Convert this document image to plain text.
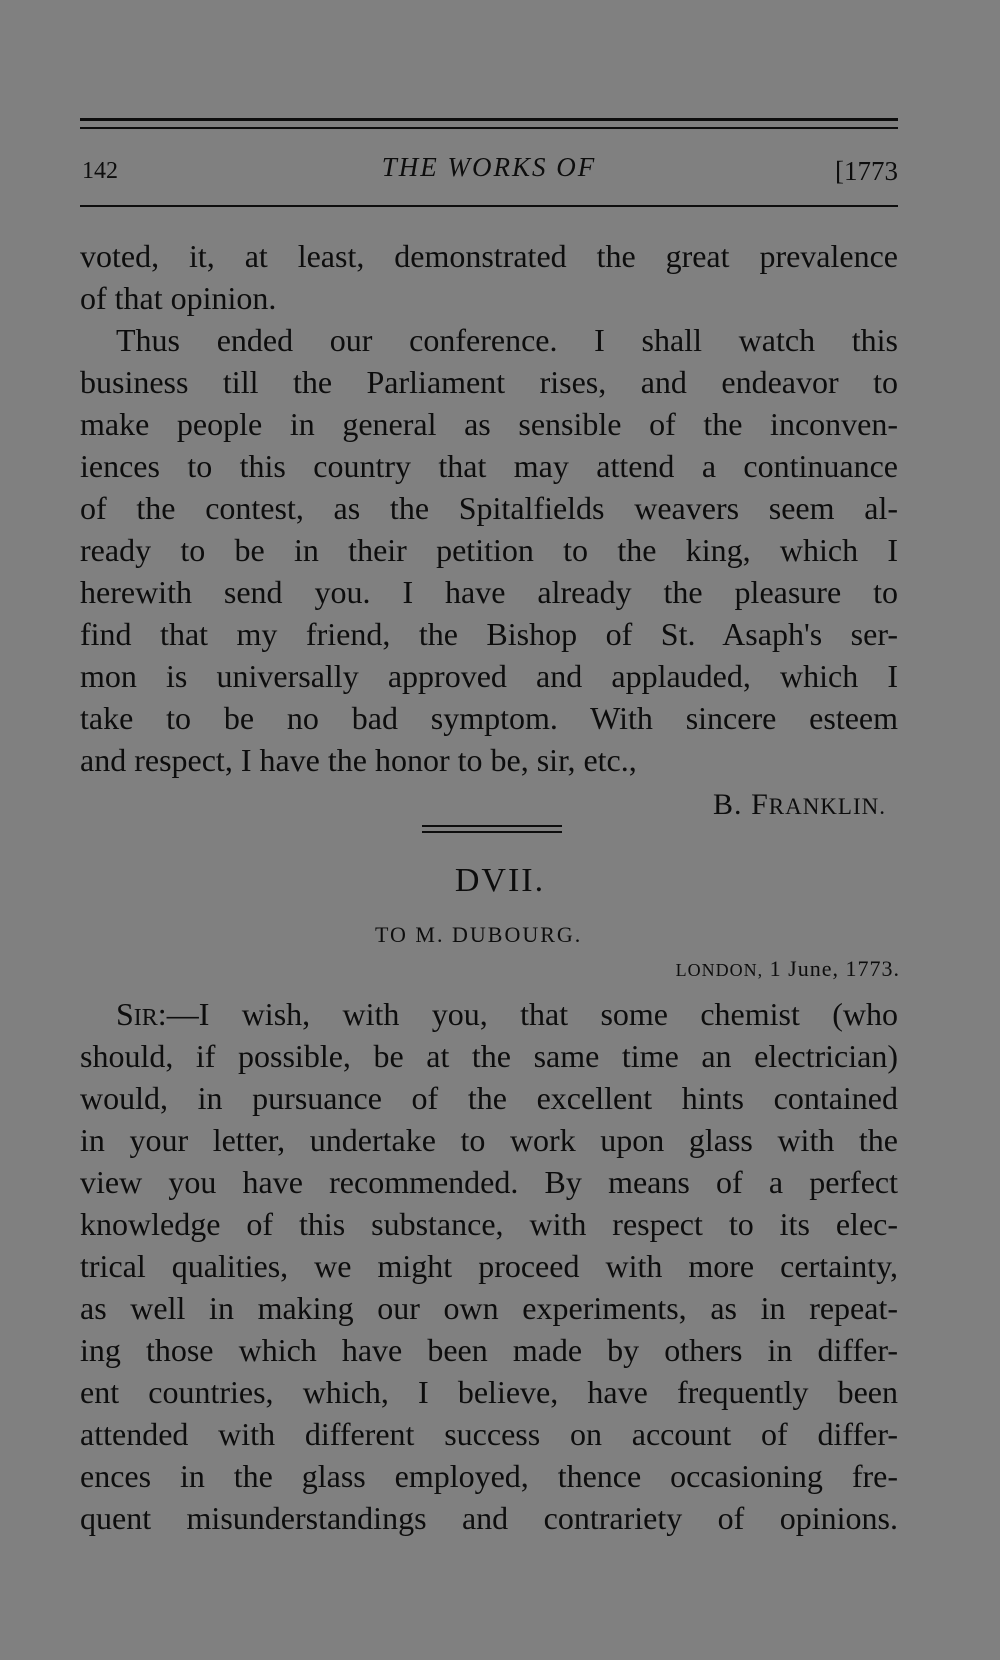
142	THE WORKS OF	[1773
voted, it, at least, demonstrated the great prevalence
of that opinion.
Thus ended our conference. I shall watch this
business till the Parliament rises, and endeavor to
make people in general as sensible of the inconven-
iences to this country that may attend a continuance
of the contest, as the Spitalfields weavers seem al-
ready to be in their petition to the king, which I
herewith send you. I have already the pleasure to
find that my friend, the Bishop of St. Asaph's ser-
mon is universally approved and applauded, which I
take to be no bad symptom. With sincere esteem
and respect, I have the honor to be, sir, etc.,
B. FRANKLIN.
DVII.
TO M. DUBOURG.
LONDON, 1 June, 1773.
SIR:—I wish, with you, that some chemist (who
should, if possible, be at the same time an electrician)
would, in pursuance of the excellent hints contained
in your letter, undertake to work upon glass with the
view you have recommended. By means of a perfect
knowledge of this substance, with respect to its elec-
trical qualities, we might proceed with more certainty,
as well in making our own experiments, as in repeat-
ing those which have been made by others in differ-
ent countries, which, I believe, have frequently been
attended with different success on account of differ-
ences in the glass employed, thence occasioning fre-
quent misunderstandings and contrariety of opinions.
